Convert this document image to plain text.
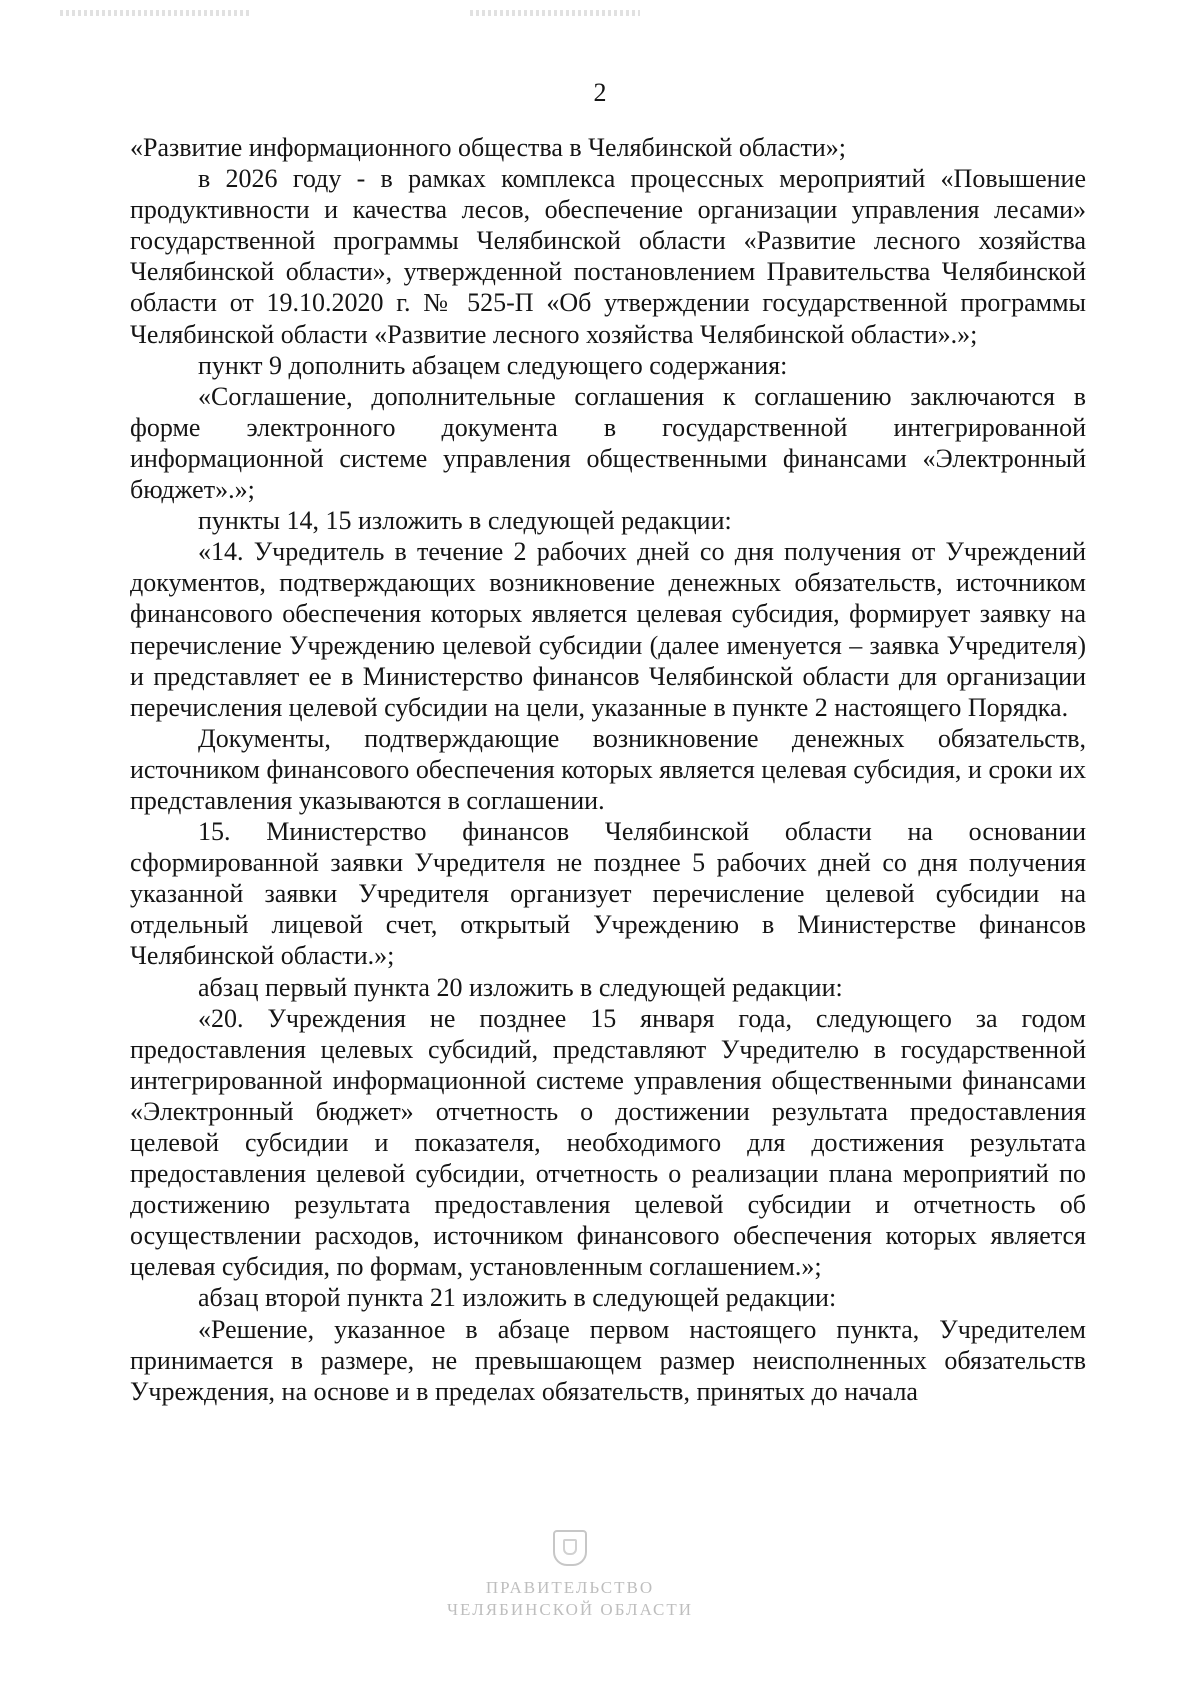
2

«Развитие информационного общества в Челябинской области»;

в 2026 году - в рамках комплекса процессных мероприятий «Повышение продуктивности и качества лесов, обеспечение организации управления лесами» государственной программы Челябинской области «Развитие лесного хозяйства Челябинской области», утвержденной постановлением Правительства Челябинской области от 19.10.2020 г. № 525-П «Об утверждении государственной программы Челябинской области «Развитие лесного хозяйства Челябинской области».»;

пункт 9 дополнить абзацем следующего содержания:

«Соглашение, дополнительные соглашения к соглашению заключаются в форме электронного документа в государственной интегрированной информационной системе управления общественными финансами «Электронный бюджет».»;

пункты 14, 15 изложить в следующей редакции:

«14. Учредитель в течение 2 рабочих дней со дня получения от Учреждений документов, подтверждающих возникновение денежных обязательств, источником финансового обеспечения которых является целевая субсидия, формирует заявку на перечисление Учреждению целевой субсидии (далее именуется – заявка Учредителя) и представляет ее в Министерство финансов Челябинской области для организации перечисления целевой субсидии на цели, указанные в пункте 2 настоящего Порядка.

Документы, подтверждающие возникновение денежных обязательств, источником финансового обеспечения которых является целевая субсидия, и сроки их представления указываются в соглашении.

15. Министерство финансов Челябинской области на основании сформированной заявки Учредителя не позднее 5 рабочих дней со дня получения указанной заявки Учредителя организует перечисление целевой субсидии на отдельный лицевой счет, открытый Учреждению в Министерстве финансов Челябинской области.»;

абзац первый пункта 20 изложить в следующей редакции:

«20. Учреждения не позднее 15 января года, следующего за годом предоставления целевых субсидий, представляют Учредителю в государственной интегрированной информационной системе управления общественными финансами «Электронный бюджет» отчетность о достижении результата предоставления целевой субсидии и показателя, необходимого для достижения результата предоставления целевой субсидии, отчетность о реализации плана мероприятий по достижению результата предоставления целевой субсидии и отчетность об осуществлении расходов, источником финансового обеспечения которых является целевая субсидия, по формам, установленным соглашением.»;

абзац второй пункта 21 изложить в следующей редакции:

«Решение, указанное в абзаце первом настоящего пункта, Учредителем принимается в размере, не превышающем размер неисполненных обязательств Учреждения, на основе и в пределах обязательств, принятых до начала

ПРАВИТЕЛЬСТВО
ЧЕЛЯБИНСКОЙ ОБЛАСТИ
